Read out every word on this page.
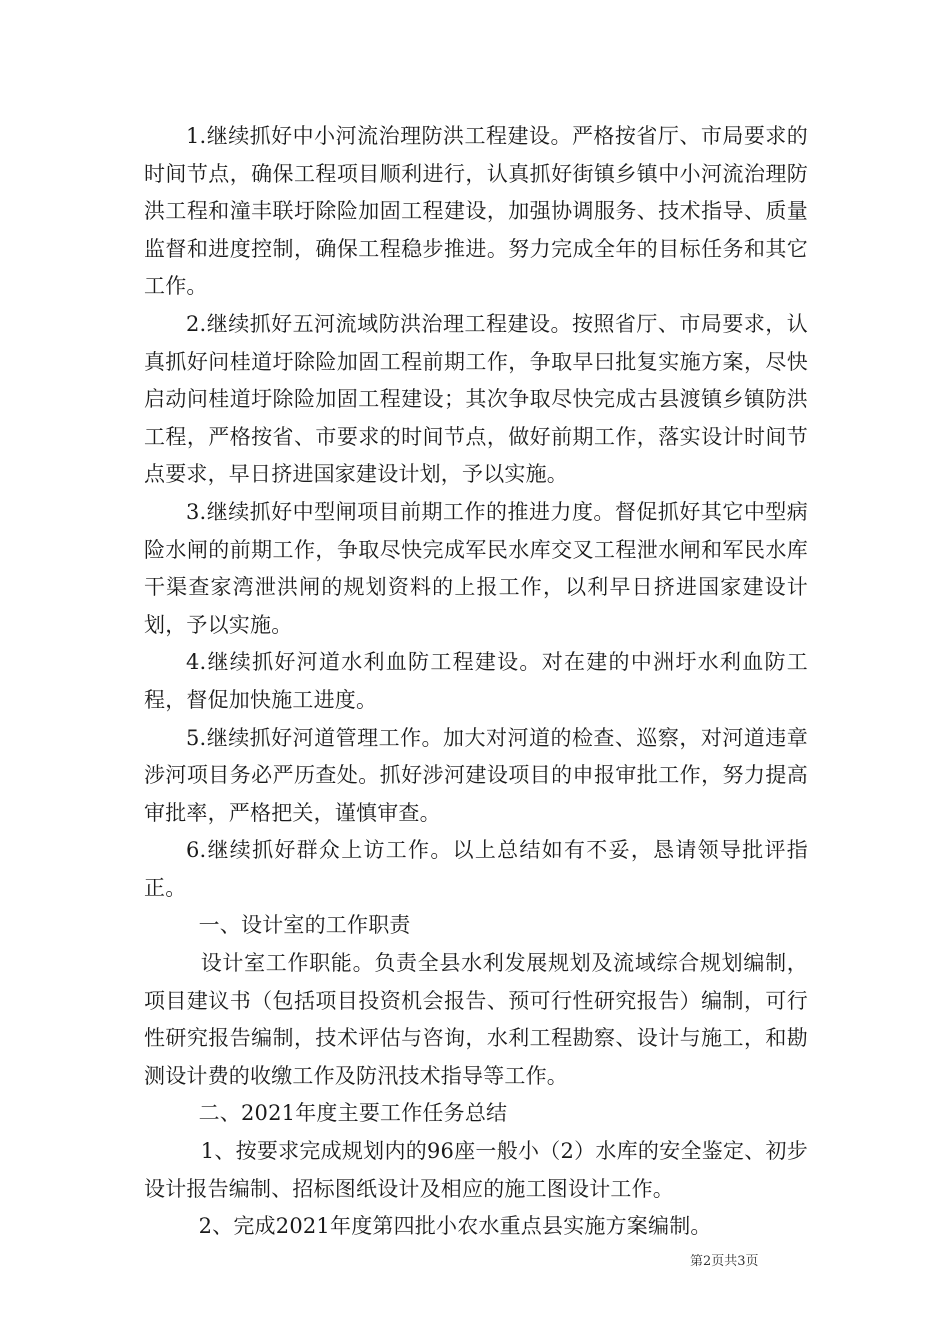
1.继续抓好中小河流治理防洪工程建设。严格按省厅、市局要求的时间节点，确保工程项目顺利进行，认真抓好街镇乡镇中小河流治理防洪工程和潼丰联圩除险加固工程建设，加强协调服务、技术指导、质量监督和进度控制，确保工程稳步推进。努力完成全年的目标任务和其它工作。

2.继续抓好五河流域防洪治理工程建设。按照省厅、市局要求，认真抓好问桂道圩除险加固工程前期工作，争取早曰批复实施方案，尽快启动问桂道圩除险加固工程建设；其次争取尽快完成古县渡镇乡镇防洪工程，严格按省、市要求的时间节点，做好前期工作，落实设计时间节点要求，早日挤进国家建设计划，予以实施。

3.继续抓好中型闸项目前期工作的推进力度。督促抓好其它中型病险水闸的前期工作，争取尽快完成军民水库交叉工程泄水闸和军民水库干渠查家湾泄洪闸的规划资料的上报工作，以利早日挤进国家建设计划，予以实施。

4.继续抓好河道水利血防工程建设。对在建的中洲圩水利血防工程，督促加快施工进度。

5.继续抓好河道管理工作。加大对河道的检查、巡察，对河道违章涉河项目务必严历查处。抓好涉河建设项目的申报审批工作，努力提高审批率，严格把关，谨慎审查。

6.继续抓好群众上访工作。以上总结如有不妥，恳请领导批评指正。

一、设计室的工作职责

设计室工作职能。负责全县水利发展规划及流域综合规划编制，项目建议书（包括项目投资机会报告、预可行性研究报告）编制，可行性研究报告编制，技术评估与咨询，水利工程勘察、设计与施工，和勘测设计费的收缴工作及防汛技术指导等工作。

二、2021年度主要工作任务总结

1、按要求完成规划内的96座一般小（2）水库的安全鉴定、初步设计报告编制、招标图纸设计及相应的施工图设计工作。

2、完成2021年度第四批小农水重点县实施方案编制。

第2页共3页
